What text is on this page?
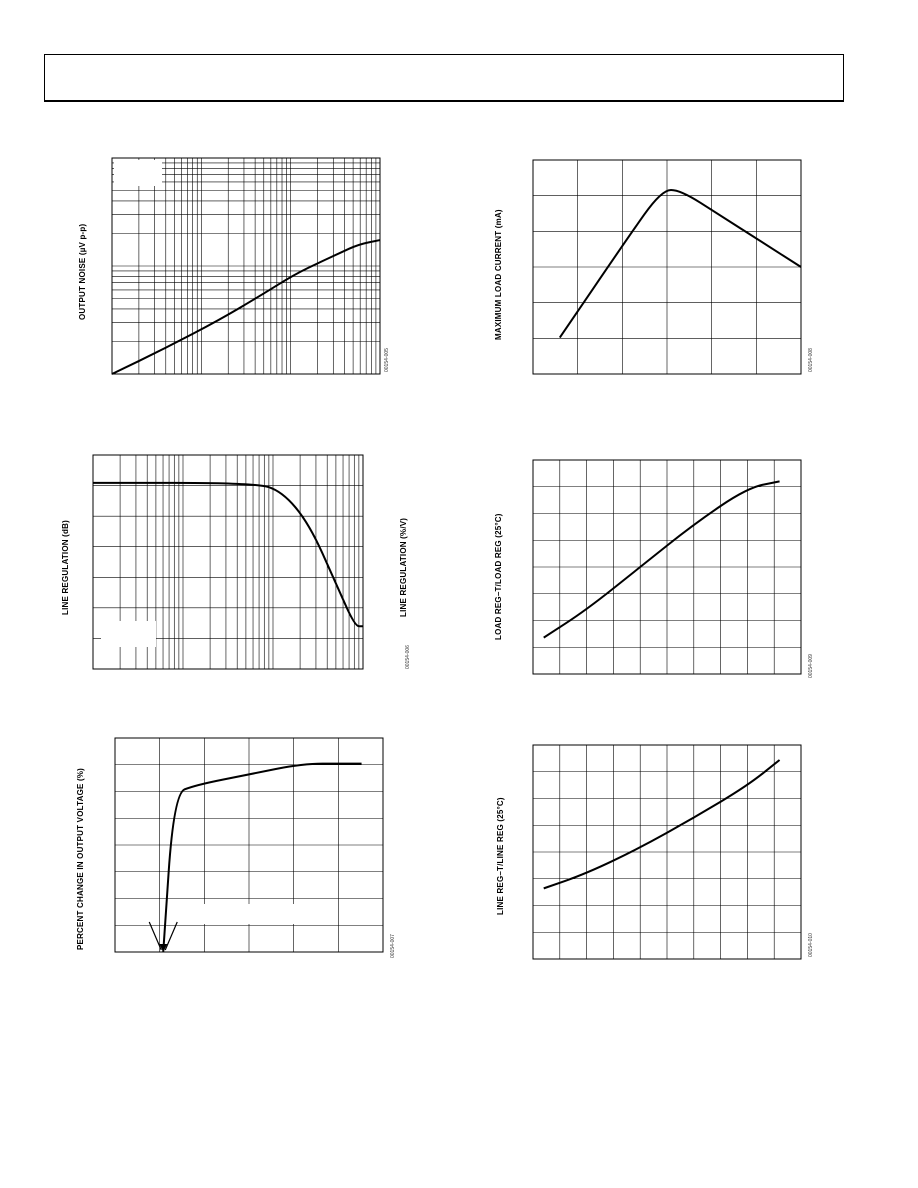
OUTPUT NOISE (µV p-p)
00154-005
MAXIMUM LOAD CURRENT (mA)
00154-008
LINE REGULATION (dB)	LINE REGULATION (%/V)
00154-006
LOAD REG–T/LOAD REG (25°C)
00154-009
PERCENT CHANGE IN OUTPUT VOLTAGE (%)	00154-007
LINE REG–T/LINE REG (25°C)
00154-010
